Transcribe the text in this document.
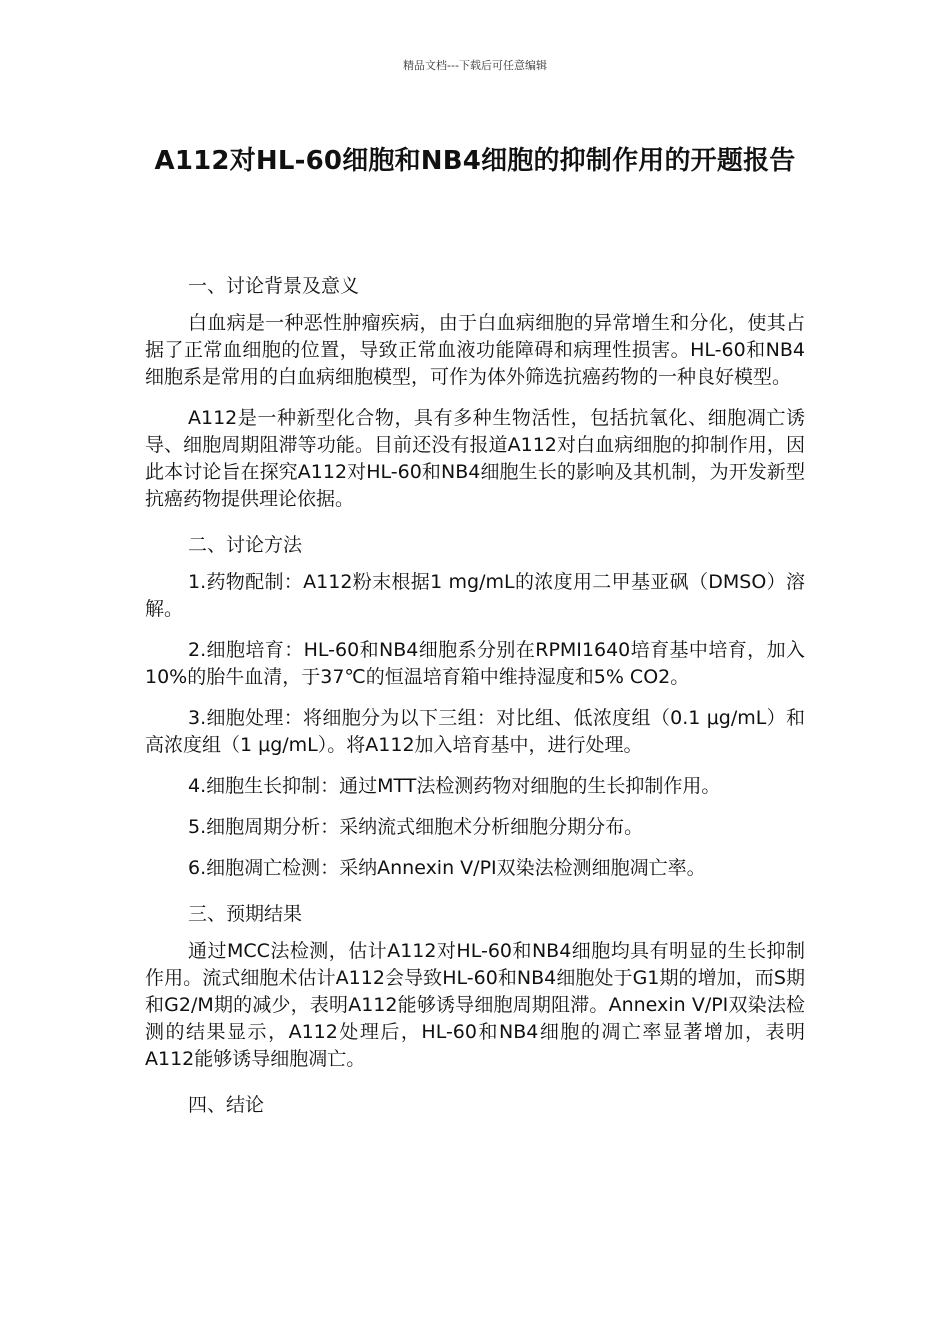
精品文档---下载后可任意编辑
A112对HL-60细胞和NB4细胞的抑制作用的开题报告
一、讨论背景及意义

白血病是一种恶性肿瘤疾病，由于白血病细胞的异常增生和分化，使其占据了正常血细胞的位置，导致正常血液功能障碍和病理性损害。HL-60和NB4细胞系是常用的白血病细胞模型，可作为体外筛选抗癌药物的一种良好模型。

A112是一种新型化合物，具有多种生物活性，包括抗氧化、细胞凋亡诱导、细胞周期阻滞等功能。目前还没有报道A112对白血病细胞的抑制作用，因此本讨论旨在探究A112对HL-60和NB4细胞生长的影响及其机制，为开发新型抗癌药物提供理论依据。

二、讨论方法

1.药物配制：A112粉末根据1 mg/mL的浓度用二甲基亚砜（DMSO）溶解。

2.细胞培育：HL-60和NB4细胞系分别在RPMI1640培育基中培育，加入10%的胎牛血清，于37℃的恒温培育箱中维持湿度和5% CO2。

3.细胞处理：将细胞分为以下三组：对比组、低浓度组（0.1 μg/mL）和高浓度组（1 μg/mL）。将A112加入培育基中，进行处理。

4.细胞生长抑制：通过MTT法检测药物对细胞的生长抑制作用。

5.细胞周期分析：采纳流式细胞术分析细胞分期分布。

6.细胞凋亡检测：采纳Annexin V/PI双染法检测细胞凋亡率。

三、预期结果

通过MCC法检测，估计A112对HL-60和NB4细胞均具有明显的生长抑制作用。流式细胞术估计A112会导致HL-60和NB4细胞处于G1期的增加，而S期和G2/M期的减少，表明A112能够诱导细胞周期阻滞。Annexin V/PI双染法检测的结果显示，A112处理后，HL-60和NB4细胞的凋亡率显著增加，表明A112能够诱导细胞凋亡。

四、结论
